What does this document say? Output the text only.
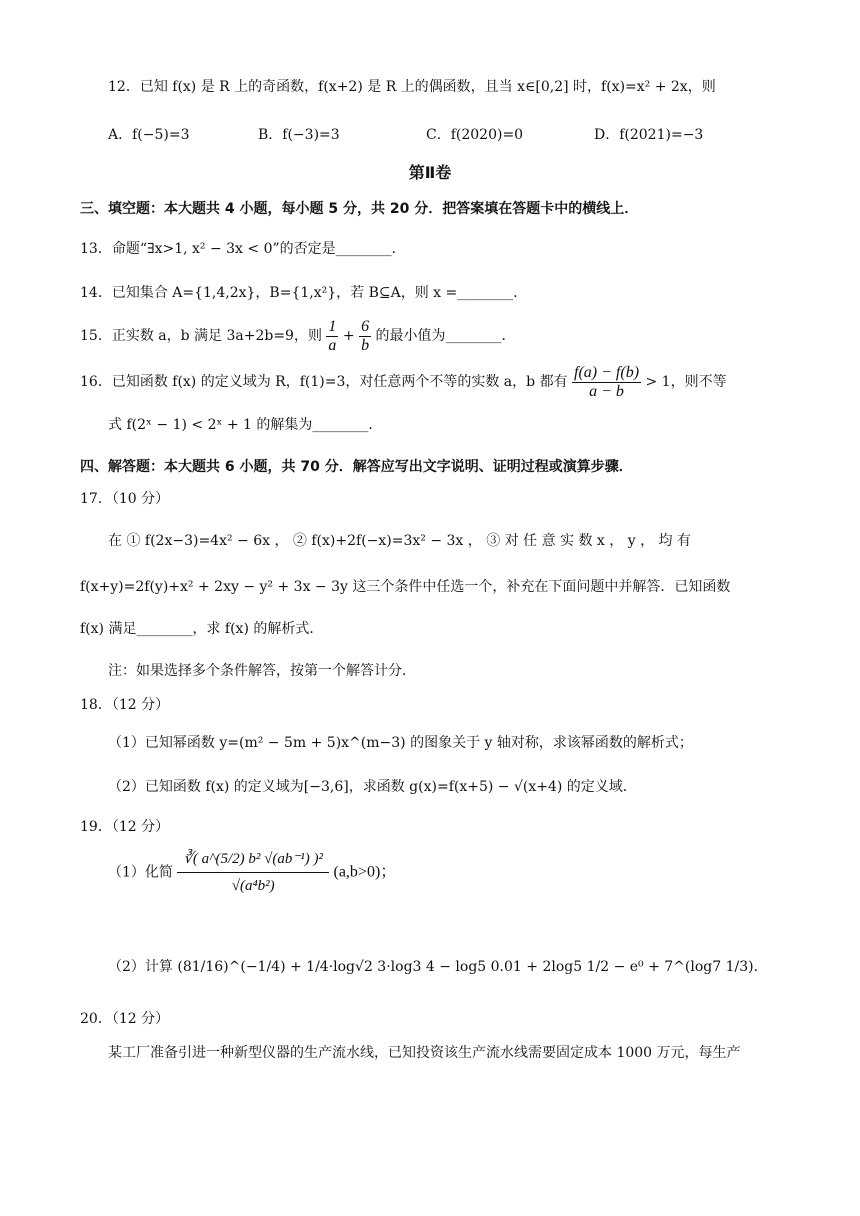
12．已知 f(x) 是 R 上的奇函数，f(x+2) 是 R 上的偶函数，且当 x∈[0,2] 时，f(x)=x² + 2x，则
A．f(−5)=3	B．f(−3)=3	C．f(2020)=0	D．f(2021)=−3
第Ⅱ卷
三、填空题：本大题共 4 小题，每小题 5 分，共 20 分．把答案填在答题卡中的横线上．
13．命题“∃x>1, x² − 3x < 0”的否定是________．
14．已知集合 A={1,4,2x}，B={1,x²}，若 B⊆A，则 x =________．
15．正实数 a，b 满足 3a+2b=9，则 $\frac{1}{a} + \frac{6}{b}$ 的最小值为________．
16．已知函数 f(x) 的定义域为 R，f(1)=3，对任意两个不等的实数 a，b 都有 $\frac{f(a) - f(b)}{a - b} > 1$，则不等
式 f(2ˣ − 1) < 2ˣ + 1 的解集为________．
四、解答题：本大题共 6 小题，共 70 分．解答应写出文字说明、证明过程或演算步骤．
17．（10 分）
在 ① f(2x−3)=4x² − 6x ， ② f(x)+2f(−x)=3x² − 3x ， ③ 对 任 意 实 数 x ， y ， 均 有
f(x+y)=2f(y)+x² + 2xy − y² + 3x − 3y 这三个条件中任选一个，补充在下面问题中并解答．已知函数
f(x) 满足________，求 f(x) 的解析式．
注：如果选择多个条件解答，按第一个解答计分．
18．（12 分）
（1）已知幂函数 y=(m² − 5m + 5)x^(m−3) 的图象关于 y 轴对称，求该幂函数的解析式；
（2）已知函数 f(x) 的定义域为[−3,6]，求函数 g(x)=f(x+5) − √(x+4) 的定义域．
19．（12 分）
（1）化简 $\frac{\text{∛( a\textasciicircum{}(5/2) b² √(ab⁻¹) )²}}{\text{√(a⁴b²)}} (a,b>0)$；
（2）计算 (81/16)^(−1/4) + 1/4·log√2 3·log3 4 − log5 0.01 + 2log5 1/2 − e⁰ + 7^(log7 1/3)．
20．（12 分）
某工厂准备引进一种新型仪器的生产流水线，已知投资该生产流水线需要固定成本 1000 万元，每生产
